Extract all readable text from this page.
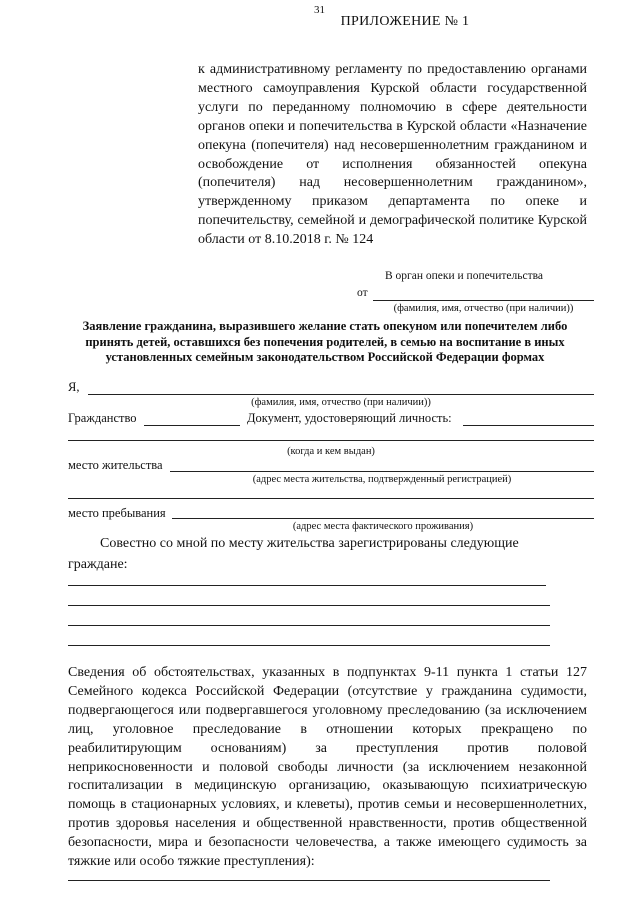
31
ПРИЛОЖЕНИЕ № 1

к административному регламенту по предоставлению органами местного самоуправления Курской области государственной услуги по переданному полномочию в сфере деятельности органов опеки и попечительства в Курской области «Назначение опекуна (попечителя) над несовершеннолетним гражданином и освобождение от исполнения обязанностей опекуна (попечителя) над несовершеннолетним гражданином», утвержденному приказом департамента по опеке и попечительству, семейной и демографической политике Курской области от 8.10.2018 г. № 124

В орган опеки и попечительства
от
(фамилия, имя, отчество (при наличии))

Заявление гражданина, выразившего желание стать опекуном или попечителем либо принять детей, оставшихся без попечения родителей, в семью на воспитание в иных установленных семейным законодательством Российской Федерации формах

Я,
(фамилия, имя, отчество (при наличии))
Гражданство	Документ, удостоверяющий личность:
(когда и кем выдан)
место жительства
(адрес места жительства, подтвержденный регистрацией)
место пребывания
(адрес места фактического проживания)
Совестно со мной по месту жительства зарегистрированы следующие
граждане:

Сведения об обстоятельствах, указанных в подпунктах 9-11 пункта 1 статьи 127 Семейного кодекса Российской Федерации (отсутствие у гражданина судимости, подвергающегося или подвергавшегося уголовному преследованию (за исключением лиц, уголовное преследование в отношении которых прекращено по реабилитирующим основаниям) за преступления против половой неприкосновенности и половой свободы личности (за исключением незаконной госпитализации в медицинскую организацию, оказывающую психиатрическую помощь в стационарных условиях, и клеветы), против семьи и несовершеннолетних, против здоровья населения и общественной нравственности, против общественной безопасности, мира и безопасности человечества, а также имеющего судимость за тяжкие или особо тяжкие преступления):
